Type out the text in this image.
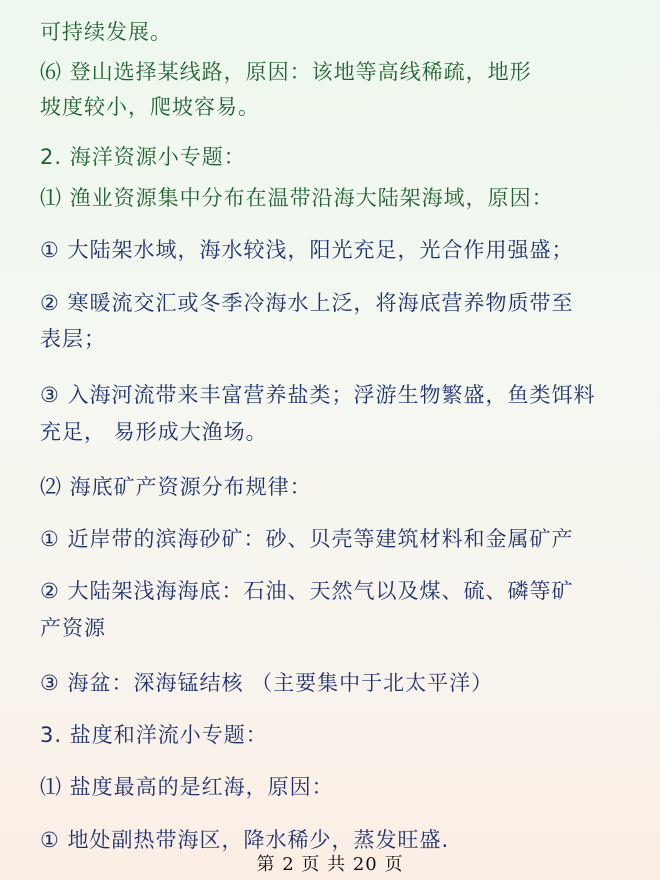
可持续发展。
⑹ 登山选择某线路，原因：该地等高线稀疏，地形
坡度较小，爬坡容易。
2. 海洋资源小专题：
⑴ 渔业资源集中分布在温带沿海大陆架海域，原因：
① 大陆架水域，海水较浅，阳光充足，光合作用强盛；
② 寒暖流交汇或冬季冷海水上泛，将海底营养物质带至
表层；
③ 入海河流带来丰富营养盐类；浮游生物繁盛，鱼类饵料
充足， 易形成大渔场。
⑵ 海底矿产资源分布规律：
① 近岸带的滨海砂矿：砂、贝壳等建筑材料和金属矿产
② 大陆架浅海海底：石油、天然气以及煤、硫、磷等矿
产资源
③ 海盆：深海锰结核 （主要集中于北太平洋）
3. 盐度和洋流小专题：
⑴ 盐度最高的是红海，原因：
① 地处副热带海区，降水稀少，蒸发旺盛.
第 2 页 共 20 页
